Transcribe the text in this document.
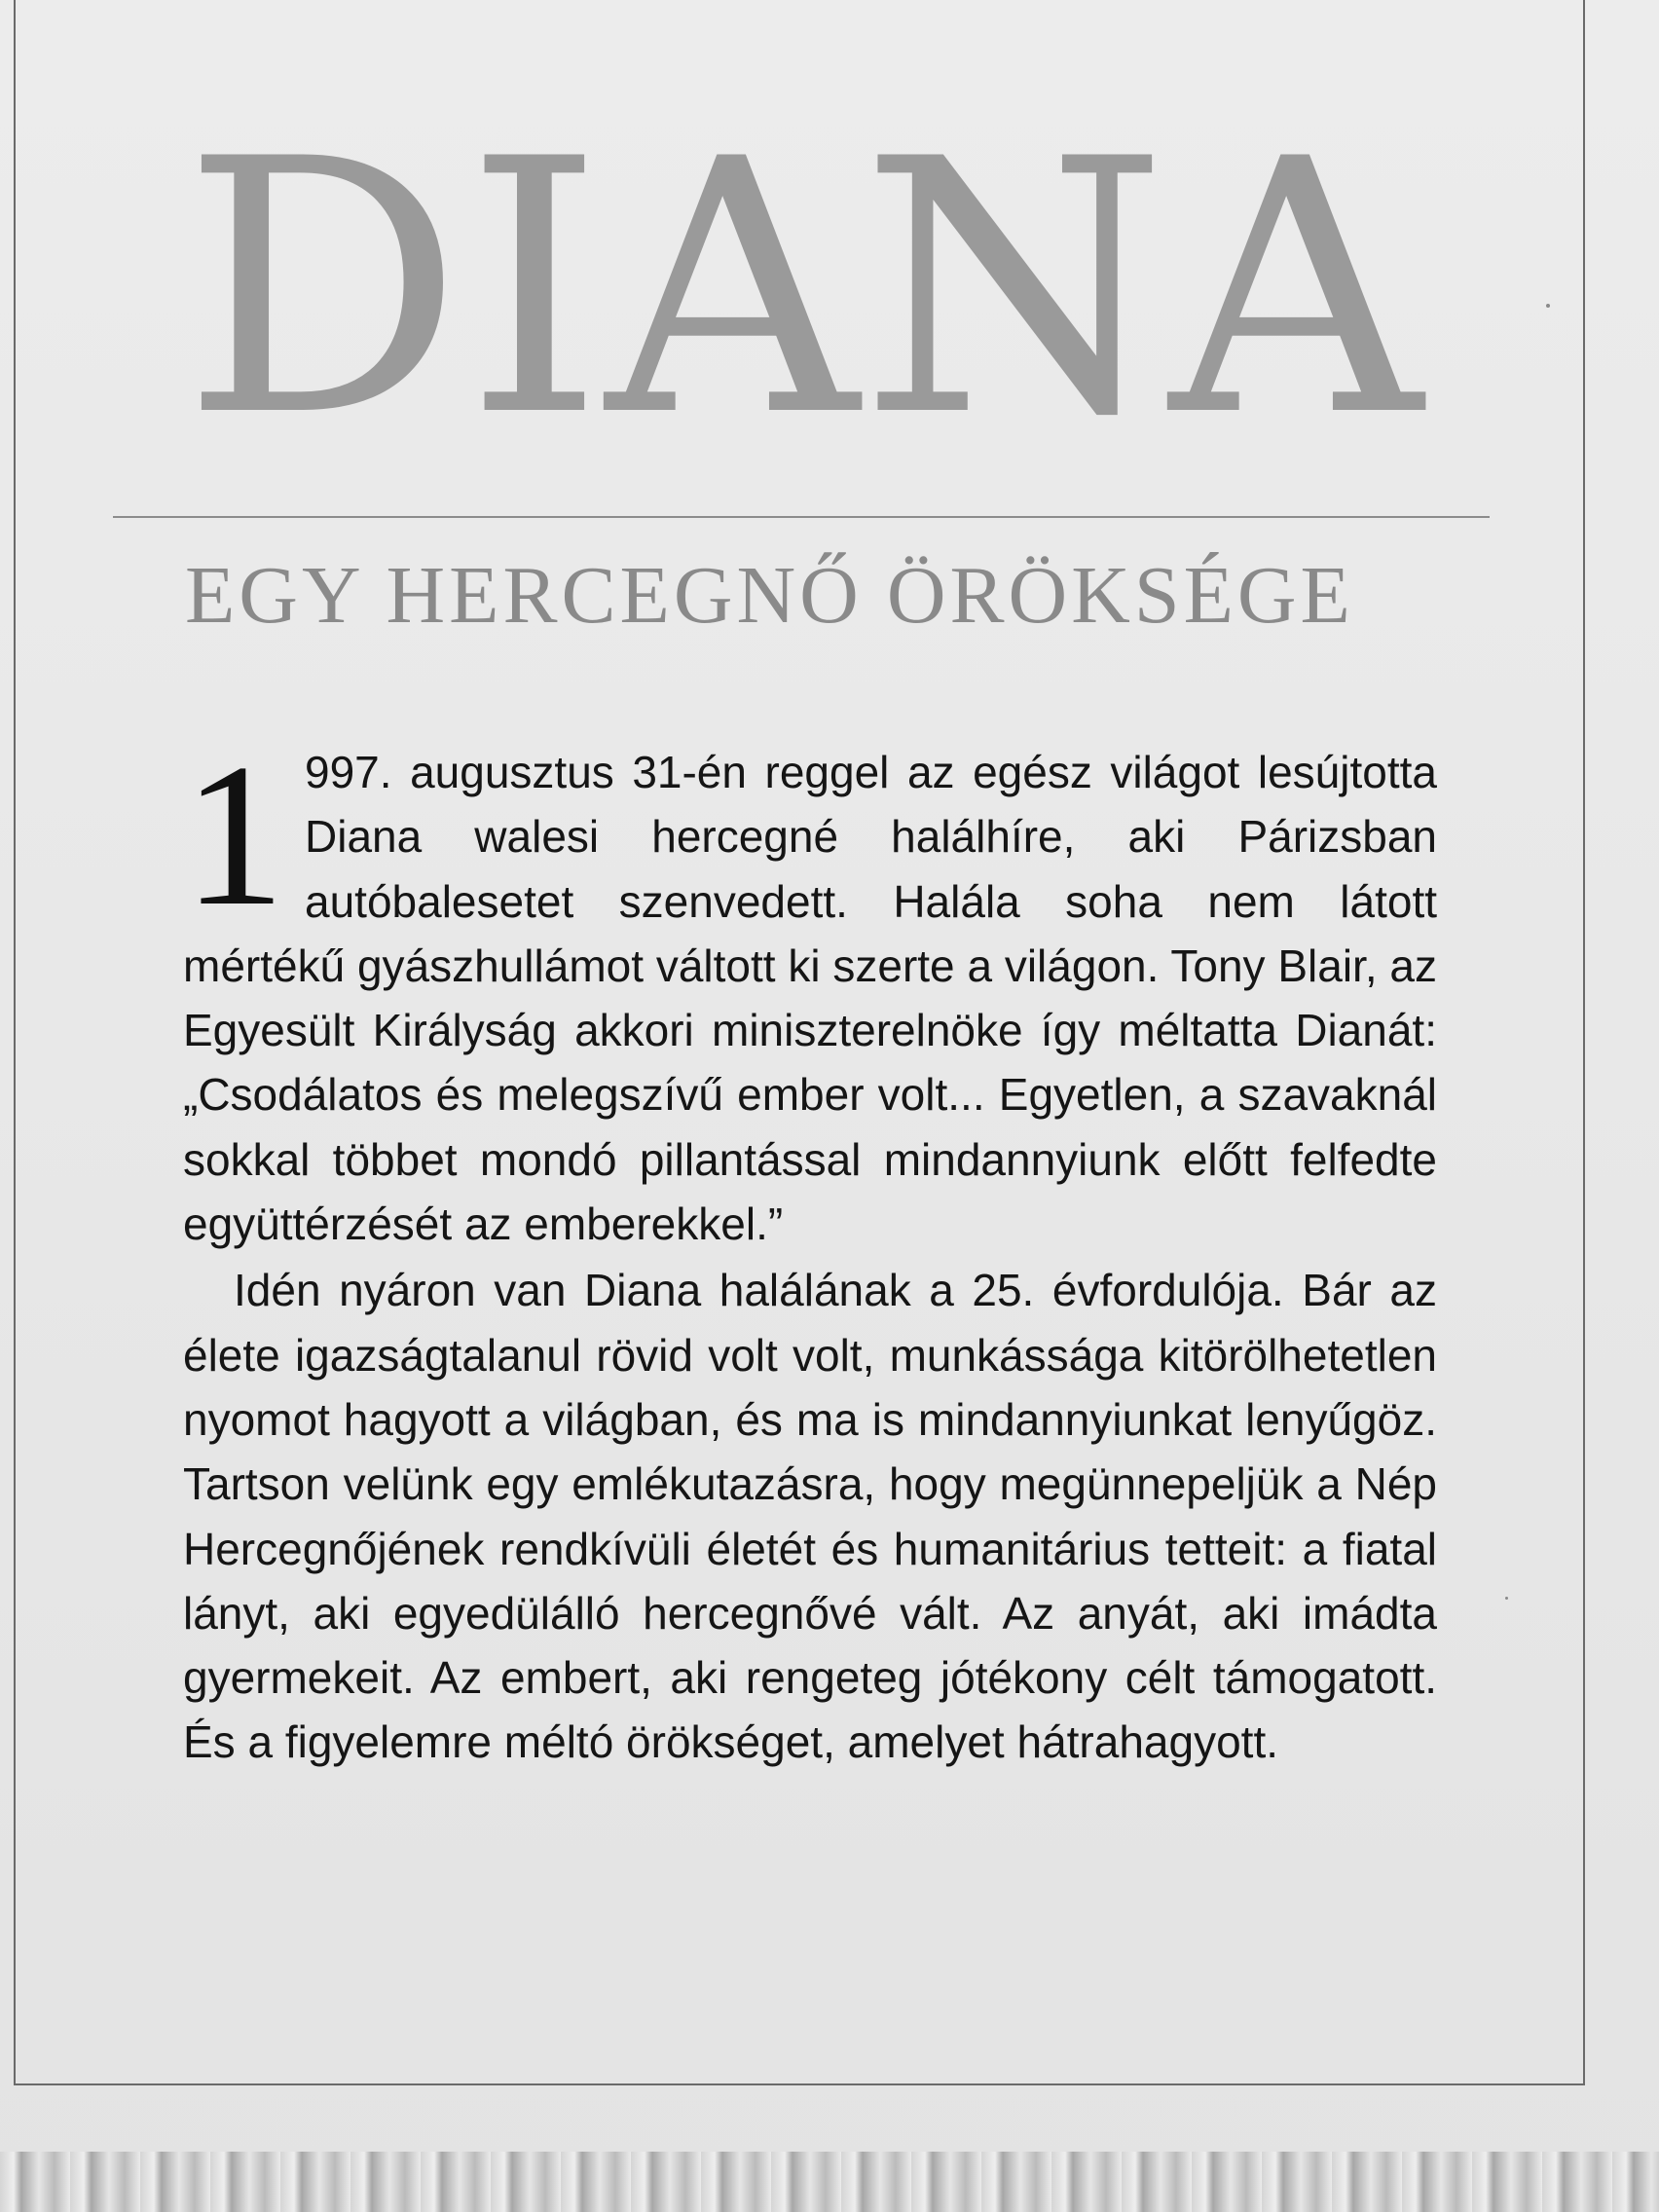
DIANA
EGY HERCEGNŐ ÖRÖKSÉGE

1 997. augusztus 31-én reggel az egész világot lesújtotta Diana walesi hercegné halálhíre, aki Párizsban autóbalesetet szenvedett. Halála soha nem látott mértékű gyászhullámot váltott ki szerte a világon. Tony Blair, az Egyesült Királyság akkori miniszterelnöke így méltatta Dianát: „Csodálatos és melegszívű ember volt... Egyetlen, a szavaknál sokkal többet mondó pillantással mindannyiunk előtt felfedte együttérzését az emberekkel.”

Idén nyáron van Diana halálának a 25. évfordulója. Bár az élete igazságtalanul rövid volt volt, munkássága kitörölhetetlen nyomot hagyott a világban, és ma is mindannyiunkat lenyűgöz. Tartson velünk egy emlékutazásra, hogy megünnepeljük a Nép Hercegnőjének rendkívüli életét és humanitárius tetteit: a fiatal lányt, aki egyedülálló hercegnővé vált. Az anyát, aki imádta gyermekeit. Az embert, aki rengeteg jótékony célt támogatott. És a figyelemre méltó örökséget, amelyet hátrahagyott.
